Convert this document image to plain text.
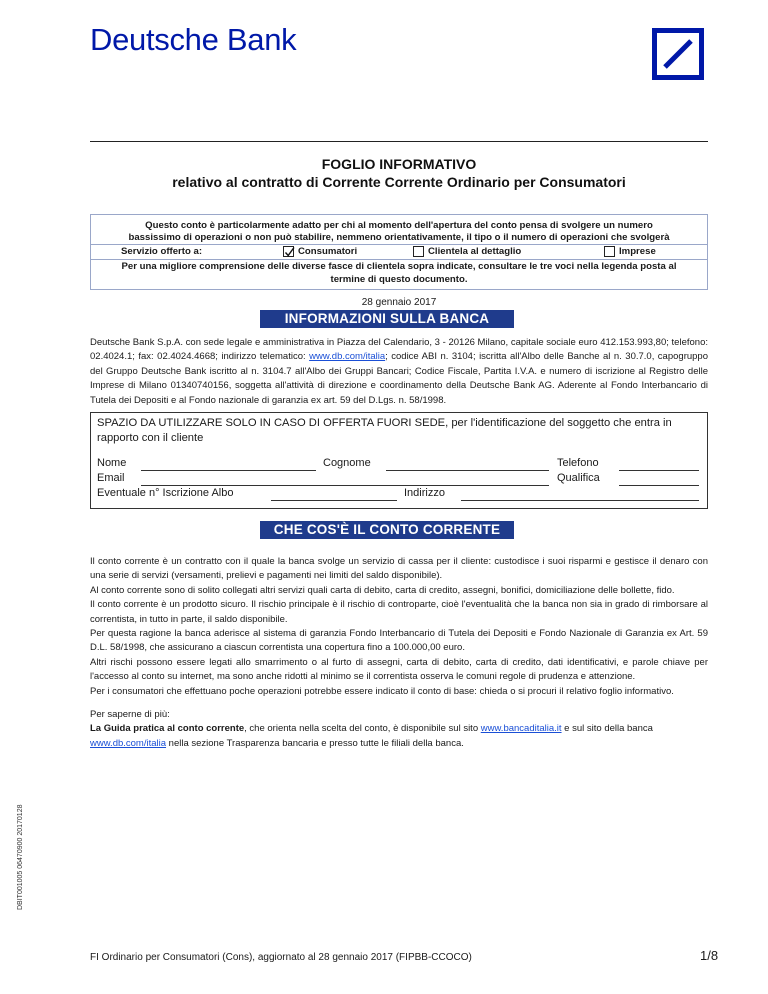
Deutsche Bank
FOGLIO INFORMATIVO
relativo al contratto di Corrente Corrente Ordinario per Consumatori
Questo conto è particolarmente adatto per chi al momento dell'apertura del conto pensa di svolgere un numero
bassissimo di operazioni o non può stabilire, nemmeno orientativamente, il tipo o il numero di operazioni che svolgerà
Servizio offerto a:	Consumatori	Clientela al dettaglio	Imprese
Per una migliore comprensione delle diverse fasce di clientela sopra indicate, consultare le tre voci nella legenda posta al
termine di questo documento.
28 gennaio 2017
INFORMAZIONI SULLA BANCA
Deutsche Bank S.p.A. con sede legale e amministrativa in Piazza del Calendario, 3 - 20126 Milano, capitale sociale euro 412.153.993,80; telefono: 02.4024.1; fax: 02.4024.4668; indirizzo telematico: www.db.com/italia; codice ABI n. 3104; iscritta all'Albo delle Banche al n. 30.7.0, capogruppo del Gruppo Deutsche Bank iscritto al n. 3104.7 all'Albo dei Gruppi Bancari; Codice Fiscale, Partita I.V.A. e numero di iscrizione al Registro delle Imprese di Milano 01340740156, soggetta all'attività di direzione e coordinamento della Deutsche Bank AG. Aderente al Fondo Interbancario di Tutela dei Depositi e al Fondo nazionale di garanzia ex art. 59 del D.Lgs. n. 58/1998.
SPAZIO DA UTILIZZARE SOLO IN CASO DI OFFERTA FUORI SEDE, per l'identificazione del soggetto che entra in rapporto con il cliente
Nome	Cognome	Telefono
Email	Qualifica
Eventuale n° Iscrizione Albo	Indirizzo
CHE COS'È IL CONTO CORRENTE
Il conto corrente è un contratto con il quale la banca svolge un servizio di cassa per il cliente: custodisce i suoi risparmi e gestisce il denaro con una serie di servizi (versamenti, prelievi e pagamenti nei limiti del saldo disponibile).
Al conto corrente sono di solito collegati altri servizi quali carta di debito, carta di credito, assegni, bonifici, domiciliazione delle bollette, fido.
Il conto corrente è un prodotto sicuro. Il rischio principale è il rischio di controparte, cioè l'eventualità che la banca non sia in grado di rimborsare al correntista, in tutto in parte, il saldo disponibile.
Per questa ragione la banca aderisce al sistema di garanzia Fondo Interbancario di Tutela dei Depositi e Fondo Nazionale di Garanzia ex Art. 59 D.L. 58/1998, che assicurano a ciascun correntista una copertura fino a 100.000,00 euro.
Altri rischi possono essere legati allo smarrimento o al furto di assegni, carta di debito, carta di credito, dati identificativi, e parole chiave per l'accesso al conto su internet, ma sono anche ridotti al minimo se il correntista osserva le comuni regole di prudenza e attenzione.
Per i consumatori che effettuano poche operazioni potrebbe essere indicato il conto di base: chieda o si procuri il relativo foglio informativo.
Per saperne di più:
La Guida pratica al conto corrente, che orienta nella scelta del conto, è disponibile sul sito www.bancaditalia.it e sul sito della banca www.db.com/italia nella sezione Trasparenza bancaria e presso tutte le filiali della banca.
DBIT001005 06470900 20170128
FI Ordinario per Consumatori (Cons), aggiornato al 28 gennaio 2017 (FIPBB-CCOCO)	1/8
